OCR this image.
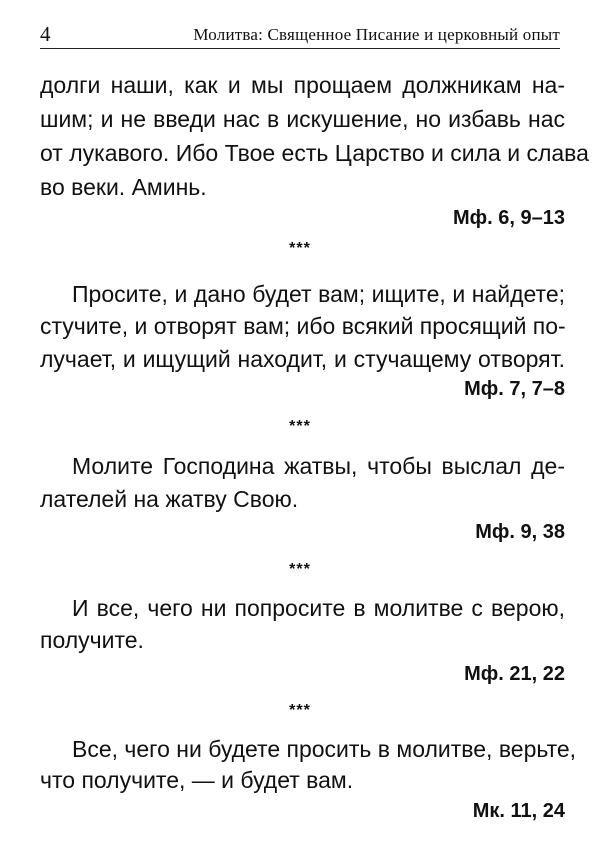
4	Молитва: Священное Писание и церковный опыт
долги наши, как и мы прощаем должникам на-
шим; и не введи нас в искушение, но избавь нас
от лукавого. Ибо Твое есть Царство и сила и слава
во веки. Аминь.
Мф. 6, 9–13
***
Просите, и дано будет вам; ищите, и найдете;
стучите, и отворят вам; ибо всякий просящий по-
лучает, и ищущий находит, и стучащему отворят.
Мф. 7, 7–8
***
Молите Господина жатвы, чтобы выслал де-
лателей на жатву Свою.
Мф. 9, 38
***
И все, чего ни попросите в молитве с верою,
получите.
Мф. 21, 22
***
Все, чего ни будете просить в молитве, верьте,
что получите, — и будет вам.
Мк. 11, 24
